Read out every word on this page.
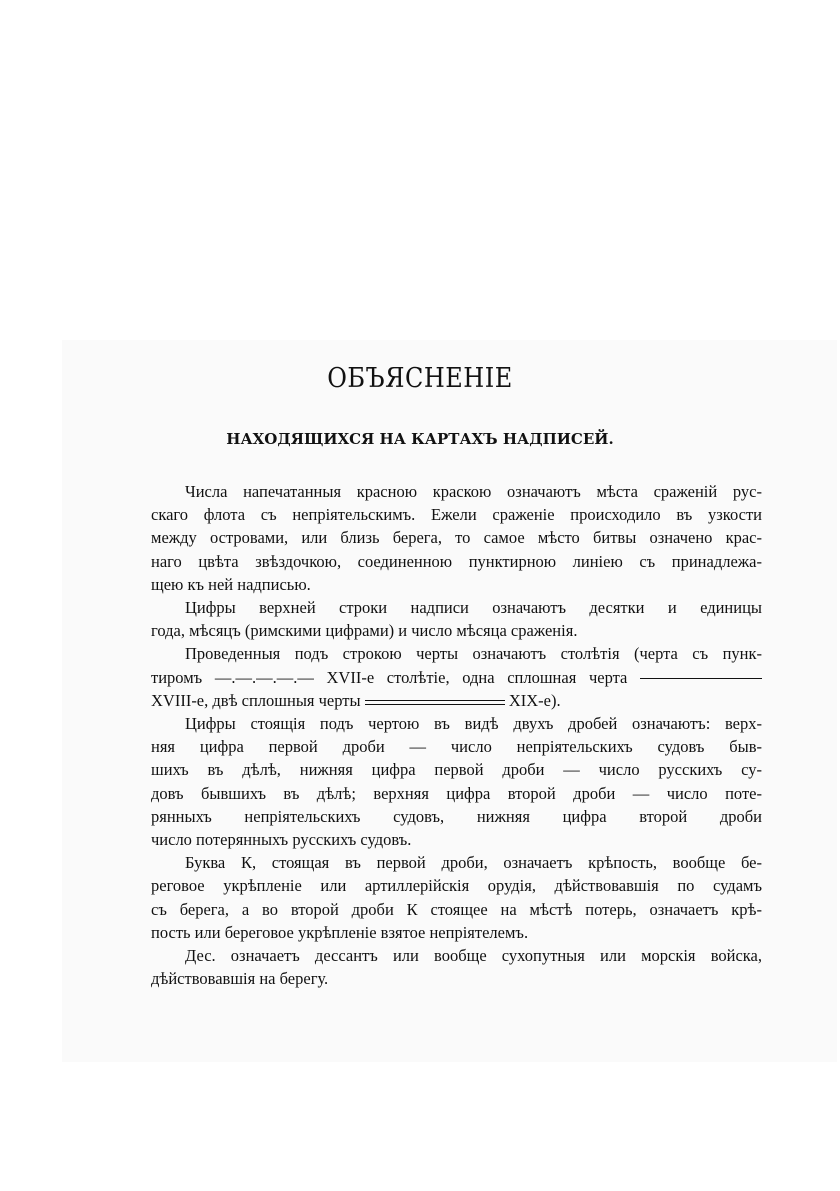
ОБЪЯСНЕНІЕ
НАХОДЯЩИХСЯ НА КАРТАХЪ НАДПИСЕЙ.
Числа напечатанныя красною краскою означаютъ мѣста сраженій рус-
скаго флота съ непріятельскимъ. Ежели сраженіе происходило въ узкости
между островами, или близь берега, то самое мѣсто битвы означено крас-
наго цвѣта звѣздочкою, соединенною пунктирною линіею съ принадлежа-
щею къ ней надписью.
Цифры верхней строки надписи означаютъ десятки и единицы
года, мѣсяцъ (римскими цифрами) и число мѣсяца сраженія.
Проведенныя подъ строкою черты означаютъ столѣтія (черта съ пунк-
тиромъ —.—.—.—.— XVII-е столѣтіе, одна сплошная черта
XVIII-е, двѣ сплошныя черты	XIX-е).
Цифры стоящія подъ чертою въ видѣ двухъ дробей означаютъ: верх-
няя цифра первой дроби — число непріятельскихъ судовъ быв-
шихъ въ дѣлѣ, нижняя цифра первой дроби — число русскихъ су-
довъ бывшихъ въ дѣлѣ; верхняя цифра второй дроби — число поте-
рянныхъ непріятельскихъ судовъ, нижняя цифра второй дроби
число потерянныхъ русскихъ судовъ.
Буква К, стоящая въ первой дроби, означаетъ крѣпость, вообще бе-
реговое укрѣпленіе или артиллерійскія орудія, дѣйствовавшія по судамъ
съ берега, а во второй дроби К стоящее на мѣстѣ потерь, означаетъ крѣ-
пость или береговое укрѣпленіе взятое непріятелемъ.
Дес. означаетъ дессантъ или вообще сухопутныя или морскія войска,
дѣйствовавшія на берегу.
